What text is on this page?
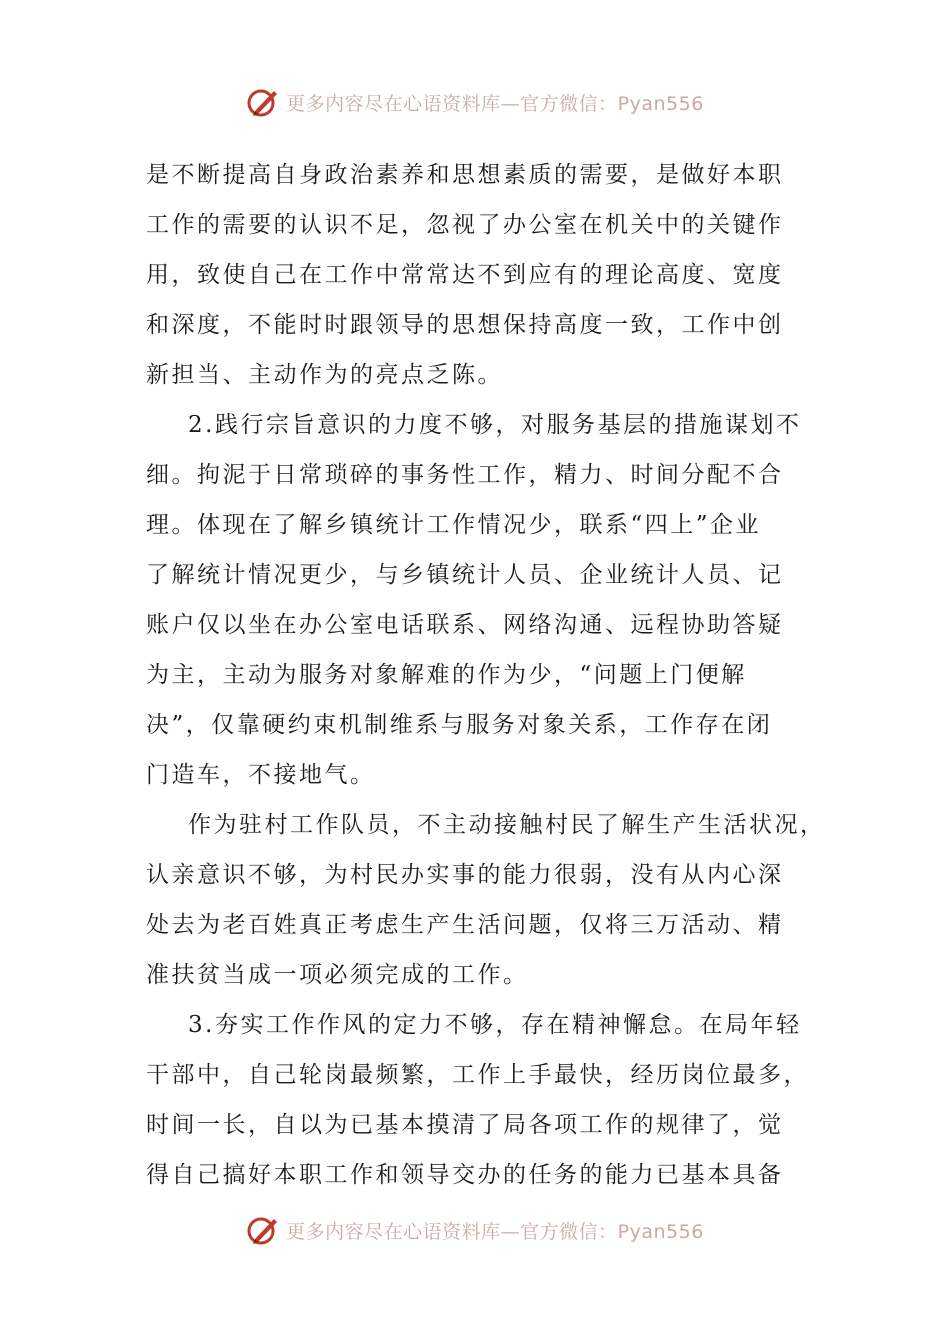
更多内容尽在心语资料库—官方微信：Pyan556

是不断提高自身政治素养和思想素质的需要，是做好本职

工作的需要的认识不足，忽视了办公室在机关中的关键作

用，致使自己在工作中常常达不到应有的理论高度、宽度

和深度，不能时时跟领导的思想保持高度一致，工作中创

新担当、主动作为的亮点乏陈。

2.践行宗旨意识的力度不够，对服务基层的措施谋划不

细。拘泥于日常琐碎的事务性工作，精力、时间分配不合

理。体现在了解乡镇统计工作情况少，联系“四上”企业

了解统计情况更少，与乡镇统计人员、企业统计人员、记

账户仅以坐在办公室电话联系、网络沟通、远程协助答疑

为主，主动为服务对象解难的作为少，“问题上门便解

决”，仅靠硬约束机制维系与服务对象关系，工作存在闭

门造车，不接地气。

作为驻村工作队员，不主动接触村民了解生产生活状况，

认亲意识不够，为村民办实事的能力很弱，没有从内心深

处去为老百姓真正考虑生产生活问题，仅将三万活动、精

准扶贫当成一项必须完成的工作。

3.夯实工作作风的定力不够，存在精神懈怠。在局年轻

干部中，自己轮岗最频繁，工作上手最快，经历岗位最多，

时间一长，自以为已基本摸清了局各项工作的规律了，觉

得自己搞好本职工作和领导交办的任务的能力已基本具备

更多内容尽在心语资料库—官方微信：Pyan556
